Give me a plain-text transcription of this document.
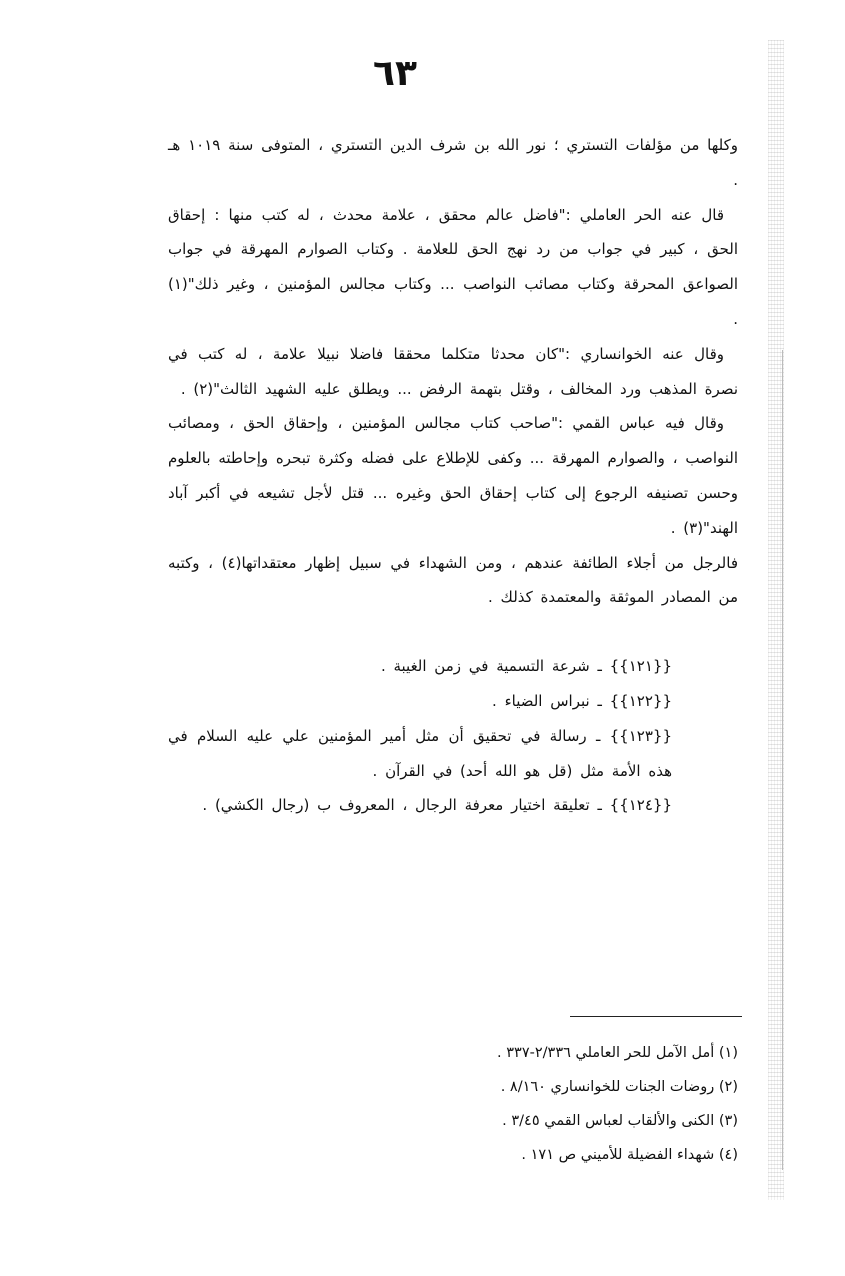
٦٣

وكلها من مؤلفات التستري ؛ نور الله بن شرف الدين التستري ، المتوفى سنة ١٠١٩ هـ .

قال عنه الحر العاملي :"فاضل عالم محقق ، علامة محدث ، له كتب منها : إحقاق الحق ، كبير في جواب من رد نهج الحق للعلامة . وكتاب الصوارم المهرقة في جواب الصواعق المحرقة وكتاب مصائب النواصب ... وكتاب مجالس المؤمنين ، وغير ذلك"(١) .

وقال عنه الخوانساري :"كان محدثا متكلما محققا فاضلا نبيلا علامة ، له كتب في نصرة المذهب ورد المخالف ، وقتل بتهمة الرفض ... ويطلق عليه الشهيد الثالث"(٢) .

وقال فيه عباس القمي :"صاحب كتاب مجالس المؤمنين ، وإحقاق الحق ، ومصائب النواصب ، والصوارم المهرقة ... وكفى للإطلاع على فضله وكثرة تبحره وإحاطته بالعلوم وحسن تصنيفه الرجوع إلى كتاب إحقاق الحق وغيره ... قتل لأجل تشيعه في أكبر آباد الهند"(٣) .

فالرجل من أجلاء الطائفة عندهم ، ومن الشهداء في سبيل إظهار معتقداتها(٤) ، وكتبه من المصادر الموثقة والمعتمدة كذلك .

{{١٢١}} ـ شرعة التسمية في زمن الغيبة .

{{١٢٢}} ـ نبراس الضياء .

{{١٢٣}} ـ رسالة في تحقيق أن مثل أمير المؤمنين علي عليه السلام في هذه الأمة مثل (قل هو الله أحد) في القرآن .

{{١٢٤}} ـ تعليقة اختيار معرفة الرجال ، المعروف ب (رجال الكشي) .

(١) أمل الآمل للحر العاملي ٢/٣٣٦-٣٣٧ .

(٢) روضات الجنات للخوانساري ٨/١٦٠ .

(٣) الكنى والألقاب لعباس القمي ٣/٤٥ .

(٤) شهداء الفضيلة للأميني ص ١٧١ .
